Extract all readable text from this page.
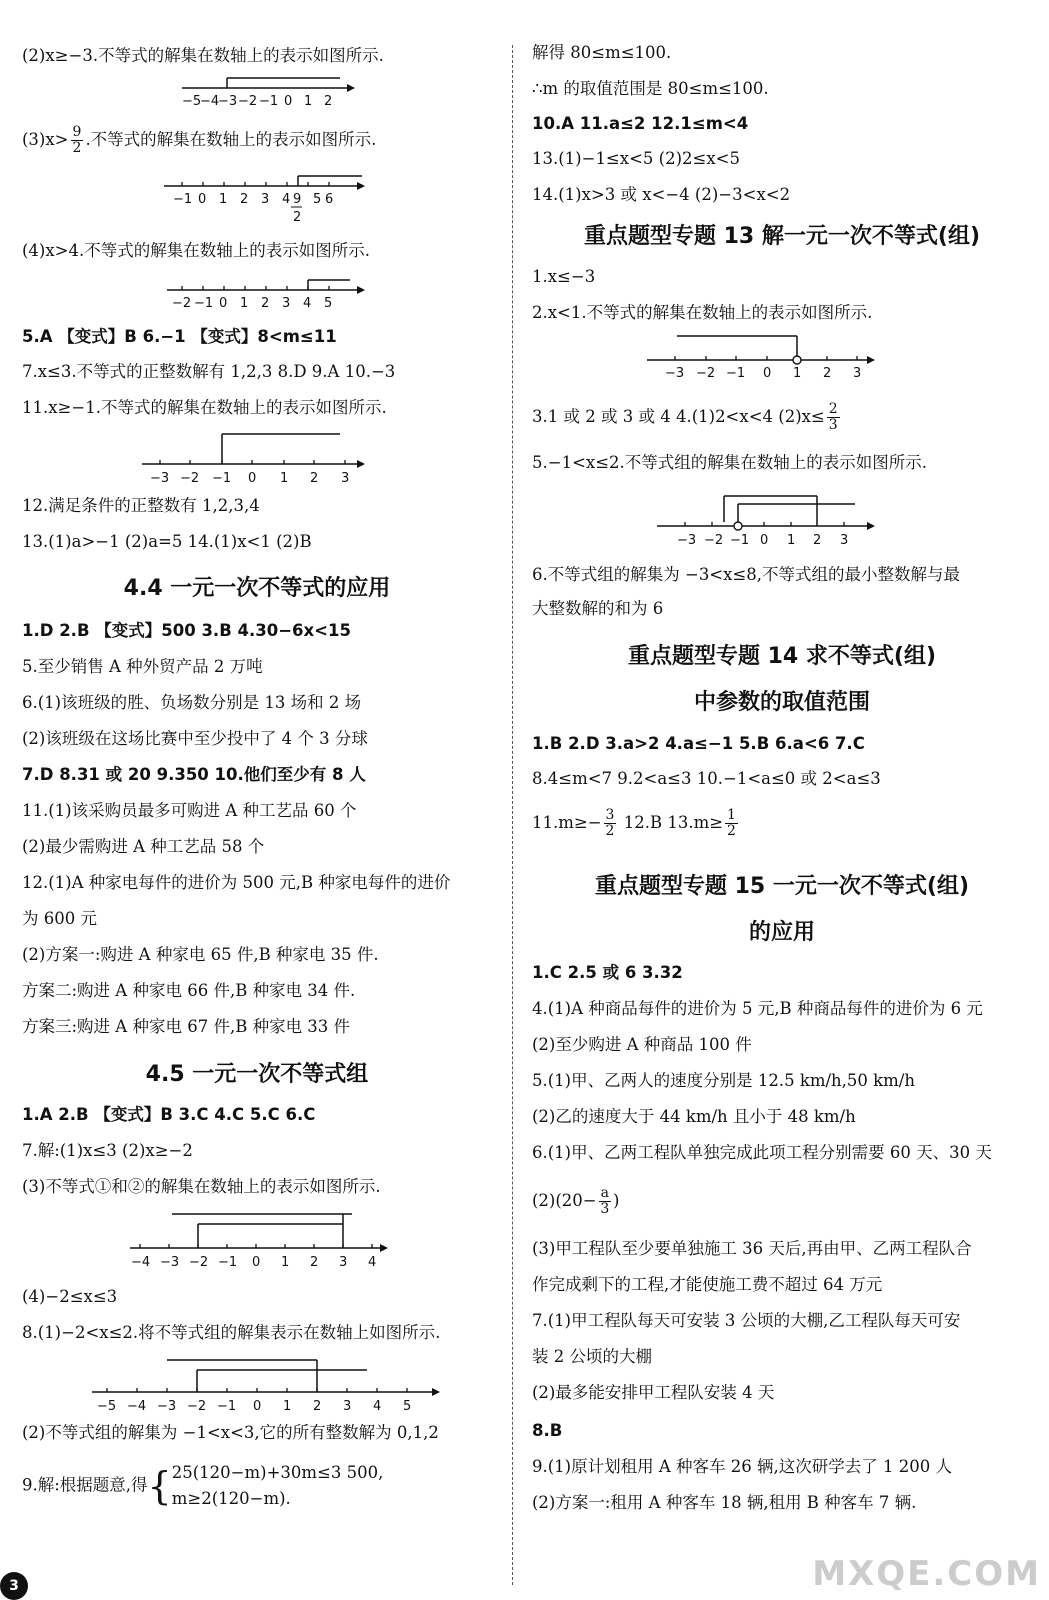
(2)x≥−3.不等式的解集在数轴上的表示如图所示.
−5
−4
−3 −2 −1 0 1 2
$(3)x> \frac{9}{2}$ .不等式的解集在数轴上的表示如图所示.
−1 0 1 2 3 4 5 6
9
2
(4)x>4.不等式的解集在数轴上的表示如图所示.
−2 −1 0 1 2 3 4 5
5.A 【变式】B 6.−1 【变式】8<m≤11
7.x≤3.不等式的正整数解有 1,2,3 8.D 9.A 10.−3
11.x≥−1.不等式的解集在数轴上的表示如图所示.
−3 −2 −1 0 1 2 3
12.满足条件的正整数有 1,2,3,4
13.(1)a>−1 (2)a=5 14.(1)x<1 (2)B
4.4 一元一次不等式的应用
1.D 2.B 【变式】500 3.B 4.30−6x<15
5.至少销售 A 种外贸产品 2 万吨
6.(1)该班级的胜、负场数分别是 13 场和 2 场
(2)该班级在这场比赛中至少投中了 4 个 3 分球
7.D 8.31 或 20 9.350 10.他们至少有 8 人
11.(1)该采购员最多可购进 A 种工艺品 60 个
(2)最少需购进 A 种工艺品 58 个
12.(1)A 种家电每件的进价为 500 元,B 种家电每件的进价
为 600 元
(2)方案一:购进 A 种家电 65 件,B 种家电 35 件.
方案二:购进 A 种家电 66 件,B 种家电 34 件.
方案三:购进 A 种家电 67 件,B 种家电 33 件
4.5 一元一次不等式组
1.A 2.B 【变式】B 3.C 4.C 5.C 6.C
7.解:(1)x≤3 (2)x≥−2
(3)不等式①和②的解集在数轴上的表示如图所示.
−4 −3 −2 −1 0 1 2 3 4
(4)−2≤x≤3
8.(1)−2<x≤2.将不等式组的解集表示在数轴上如图所示.
−5 −4 −3 −2 −1 0 1 2 3 4 5
(2)不等式组的解集为 −1<x<3,它的所有整数解为 0,1,2
9.解:根据题意,得{ 25(120−m)+30m≤3 500,
m≥2(120−m).
3
解得 80≤m≤100.
∴m 的取值范围是 80≤m≤100.
10.A 11.a≤2 12.1≤m<4
13.(1)−1≤x<5 (2)2≤x<5
14.(1)x>3 或 x<−4 (2)−3<x<2
重点题型专题 13 解一元一次不等式(组)
1.x≤−3
2.x<1.不等式的解集在数轴上的表示如图所示.
−3 −2 −1 0 1 2 3
3.1 或 2 或 3 或 4 4.(1)2<x<4 $(2)x\le \frac{2}{3}$
5.−1<x≤2.不等式组的解集在数轴上的表示如图所示.
−3 −2 −1 0 1 2 3
6.不等式组的解集为 −3<x≤8,不等式组的最小整数解与最
大整数解的和为 6
重点题型专题 14 求不等式(组)
中参数的取值范围
1.B 2.D 3.a>2 4.a≤−1 5.B 6.a<6 7.C
8.4≤m<7 9.2<a≤3 10.−1<a≤0 或 2<a≤3
$11.m\ge- \frac{3}{2} 12.B$ $13.m\ge \frac{1}{2}$
重点题型专题 15 一元一次不等式(组)
的应用
1.C 2.5 或 6 3.32
4.(1)A 种商品每件的进价为 5 元,B 种商品每件的进价为 6 元
(2)至少购进 A 种商品 100 件
5.(1)甲、乙两人的速度分别是 12.5 km/h,50 km/h
(2)乙的速度大于 44 km/h 且小于 48 km/h
6.(1)甲、乙两工程队单独完成此项工程分别需要 60 天、30 天
$(2)(20- \frac{a}{3}$ )
(3)甲工程队至少要单独施工 36 天后,再由甲、乙两工程队合
作完成剩下的工程,才能使施工费不超过 64 万元
7.(1)甲工程队每天可安装 3 公顷的大棚,乙工程队每天可安
装 2 公顷的大棚
(2)最多能安排甲工程队安装 4 天
8.B
9.(1)原计划租用 A 种客车 26 辆,这次研学去了 1 200 人
(2)方案一:租用 A 种客车 18 辆,租用 B 种客车 7 辆.
MXQE.COM
